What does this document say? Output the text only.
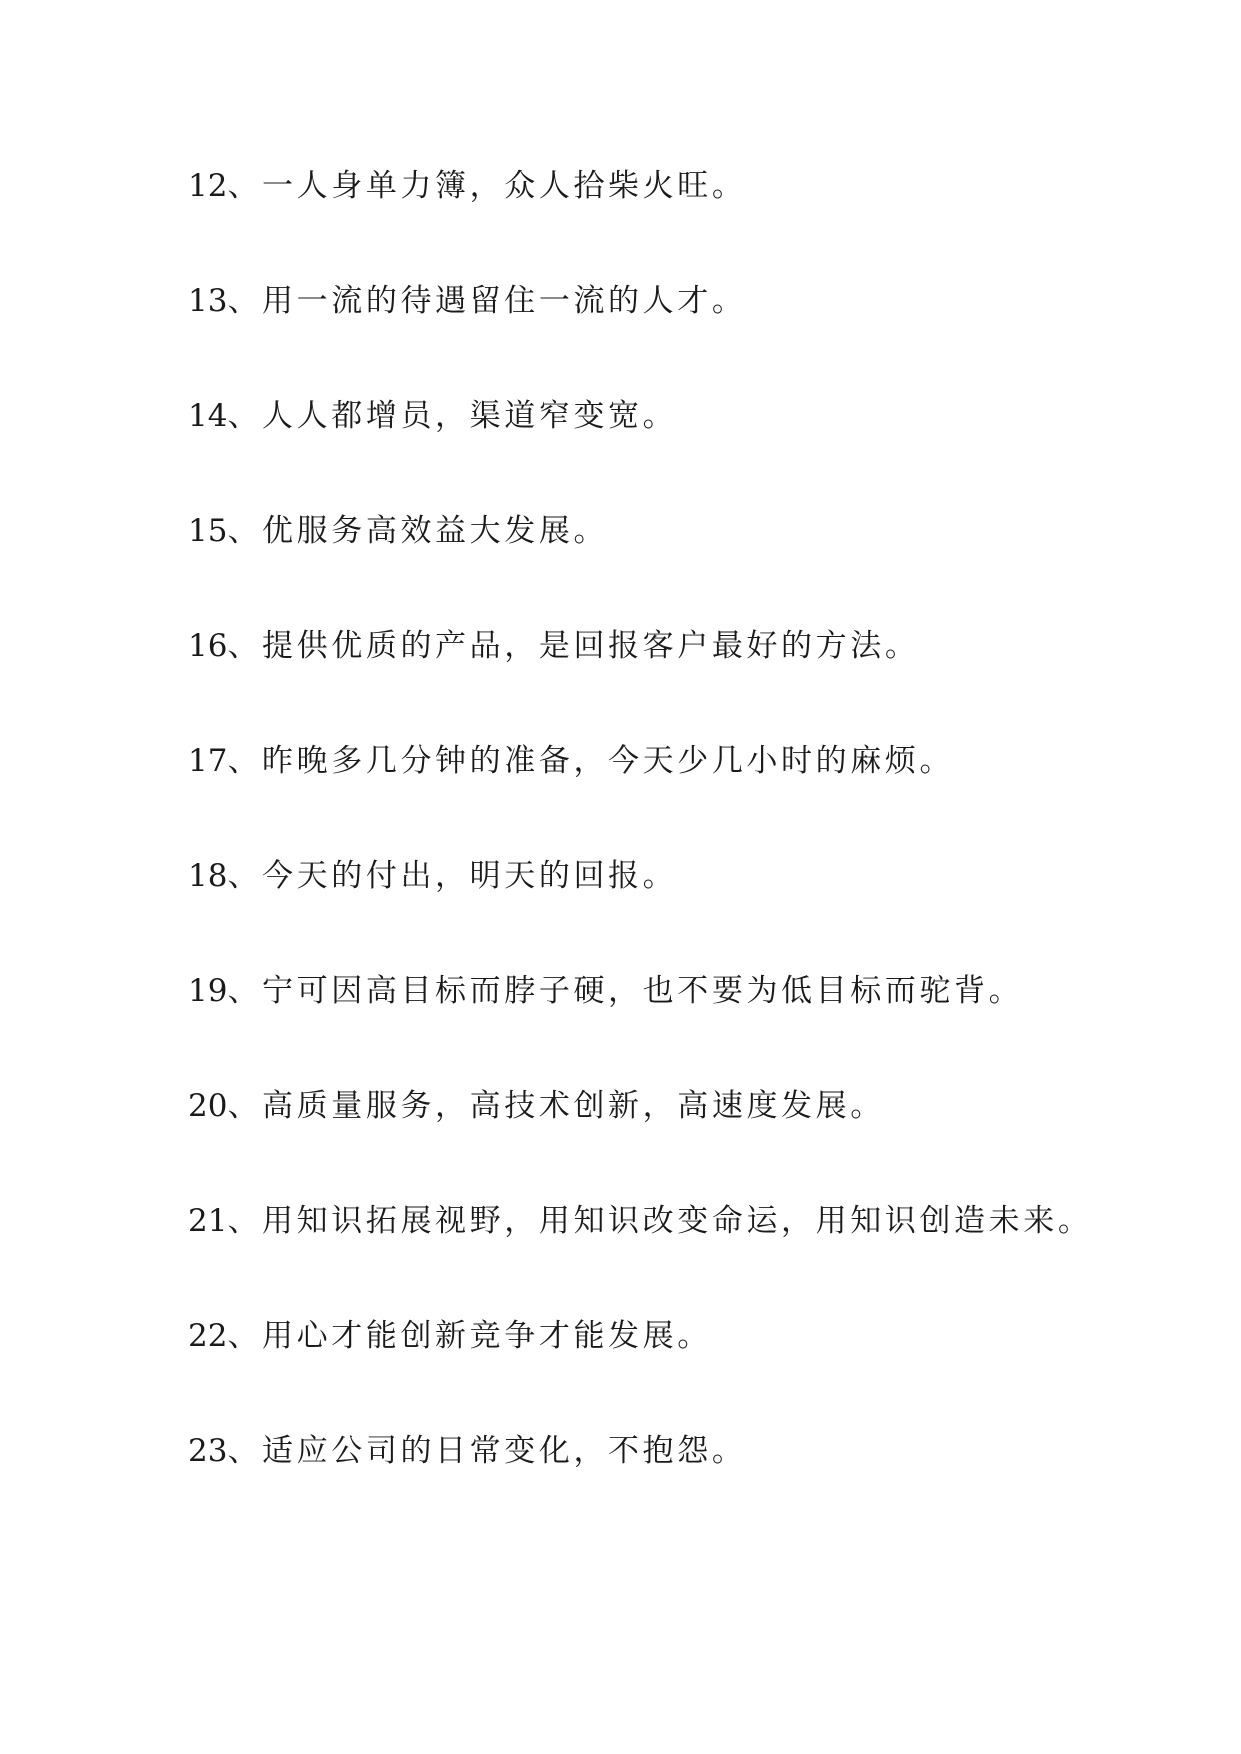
12、一人身单力簿，众人拾柴火旺。
13、用一流的待遇留住一流的人才。
14、人人都增员，渠道窄变宽。
15、优服务高效益大发展。
16、提供优质的产品，是回报客户最好的方法。
17、昨晚多几分钟的准备，今天少几小时的麻烦。
18、今天的付出，明天的回报。
19、宁可因高目标而脖子硬，也不要为低目标而驼背。
20、高质量服务，高技术创新，高速度发展。
21、用知识拓展视野，用知识改变命运，用知识创造未来。
22、用心才能创新竞争才能发展。
23、适应公司的日常变化，不抱怨。
